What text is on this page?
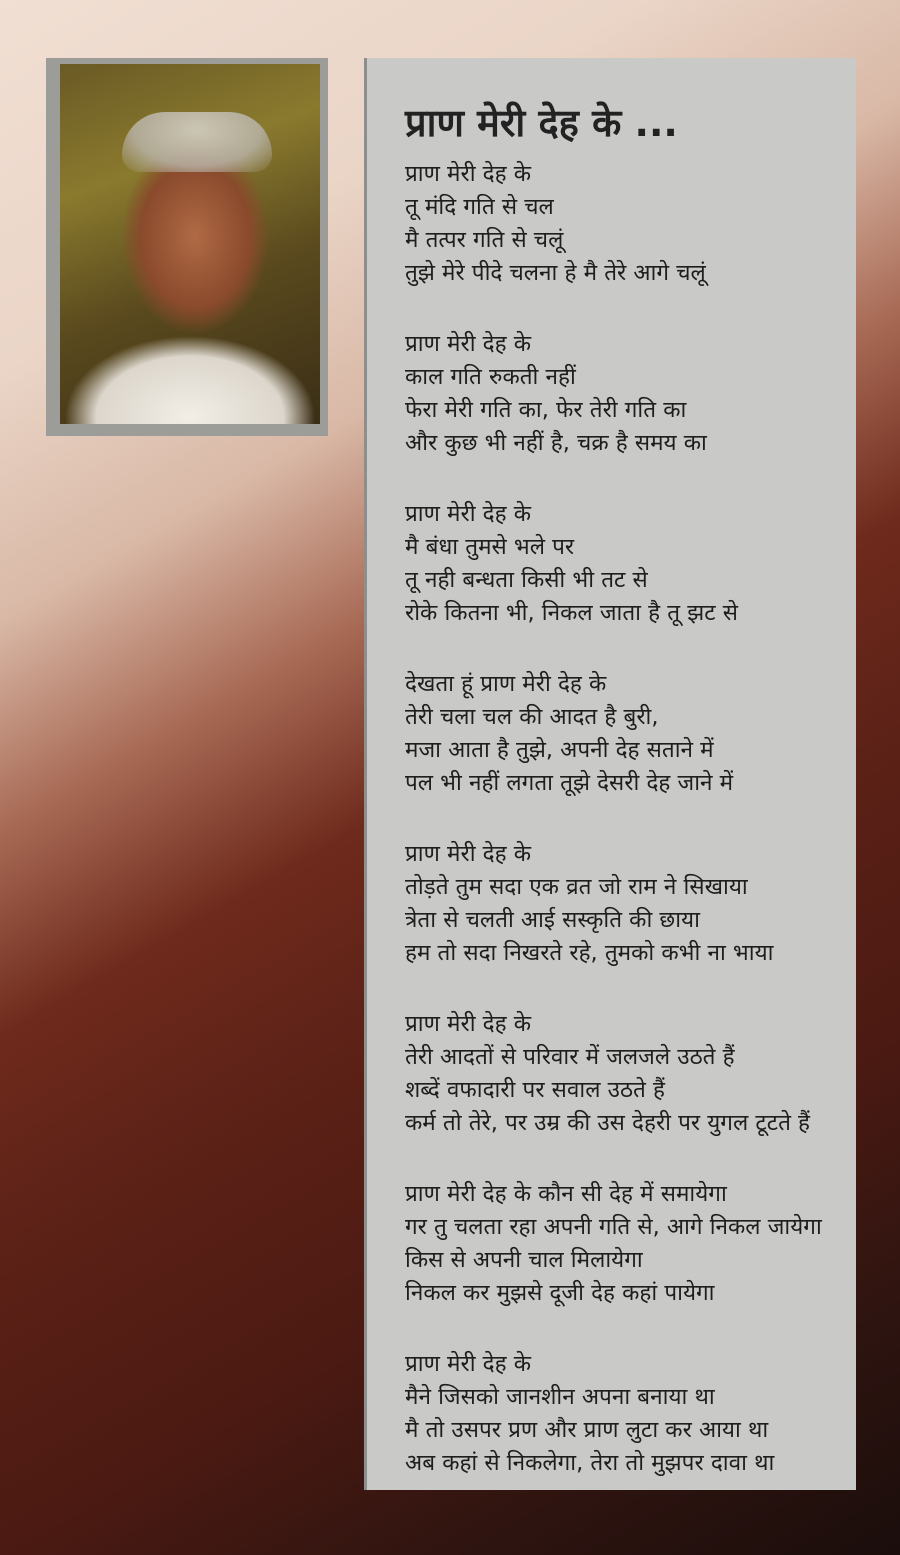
प्राण मेरी देह के ...
प्राण मेरी देह के
तू मंदि गति से चल
मै तत्पर गति से चलूं
तुझे मेरे पीदे चलना हे मै तेरे आगे चलूं
प्राण मेरी देह के
काल गति रुकती नहीं
फेरा मेरी गति का, फेर तेरी गति का
और कुछ भी नहीं है, चक्र है समय का
प्राण मेरी देह के
मै बंधा तुमसे भले पर
तू नही बन्धता किसी भी तट से
रोके कितना भी, निकल जाता है तू झट से
देखता हूं प्राण मेरी देह के
तेरी चला चल की आदत है बुरी,
मजा आता है तुझे, अपनी देह सताने में
पल भी नहीं लगता तूझे देसरी देह जाने में
प्राण मेरी देह के
तोड़ते तुम सदा एक व्रत जो राम ने सिखाया
त्रेता से चलती आई सस्कृति की छाया
हम तो सदा निखरते रहे, तुमको कभी ना भाया
प्राण मेरी देह के
तेरी आदतों से परिवार में जलजले उठते हैं
शब्दें वफादारी पर सवाल उठते हैं
कर्म तो तेरे, पर उम्र की उस देहरी पर युगल टूटते हैं
प्राण मेरी देह के कौन सी देह में समायेगा
गर तु चलता रहा अपनी गति से, आगे निकल जायेगा
किस से अपनी चाल मिलायेगा
निकल कर मुझसे दूजी देह कहां पायेगा
प्राण मेरी देह के
मैने जिसको जानशीन अपना बनाया था
मै तो उसपर प्रण और प्राण लुटा कर आया था
अब कहां से निकलेगा, तेरा तो मुझपर दावा था
